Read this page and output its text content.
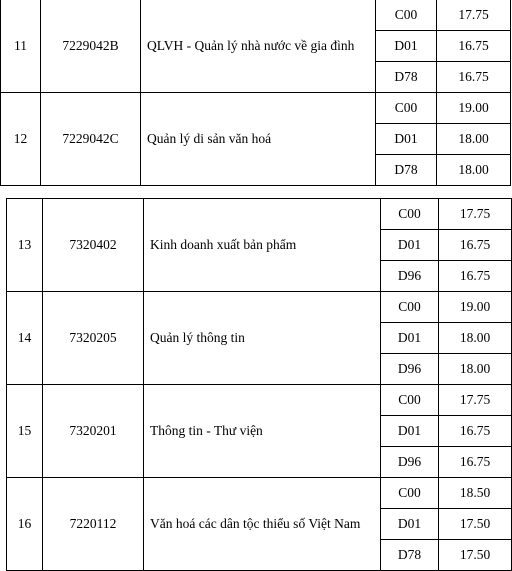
11	7229042B	QLVH - Quản lý nhà nước về gia đình	C00	17.75
			D01	16.75
			D78	16.75
12	7229042C	Quản lý di sản văn hoá	C00	19.00
			D01	18.00
			D78	18.00
13	7320402	Kinh doanh xuất bản phẩm	C00	17.75
			D01	16.75
			D96	16.75
14	7320205	Quản lý thông tin	C00	19.00
			D01	18.00
			D96	18.00
15	7320201	Thông tin - Thư viện	C00	17.75
			D01	16.75
			D96	16.75
16	7220112	Văn hoá các dân tộc thiểu số Việt Nam	C00	18.50
			D01	17.50
			D78	17.50
